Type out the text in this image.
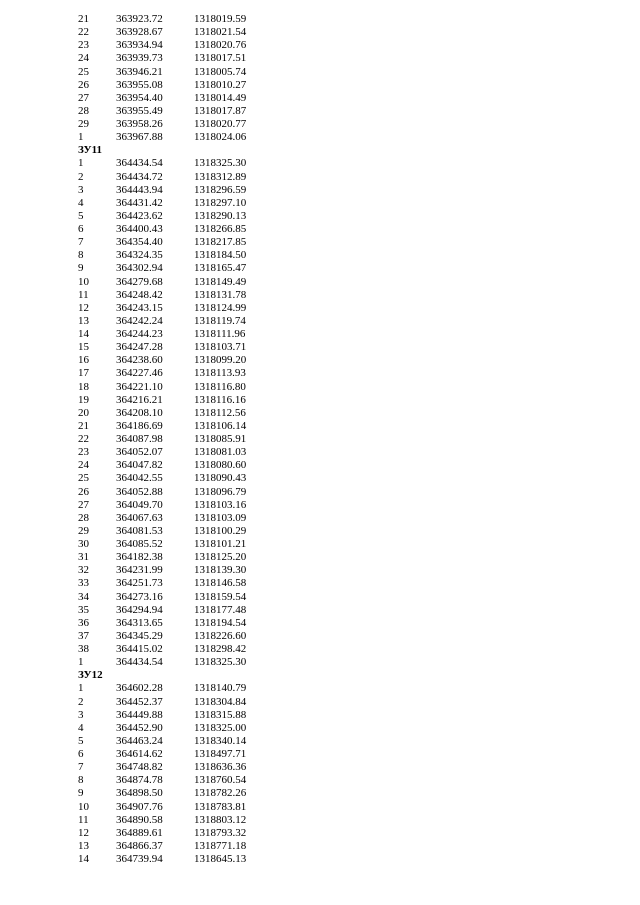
21 363923.72	1318019.59
22 363928.67	1318021.54
23 363934.94	1318020.76
24 363939.73	1318017.51
25 363946.21	1318005.74
26 363955.08	1318010.27
27 363954.40	1318014.49
28 363955.49	1318017.87
29 363958.26	1318020.77
1	363967.88	1318024.06
ЗУ11
1	364434.54	1318325.30
2	364434.72	1318312.89
3	364443.94	1318296.59
4	364431.42	1318297.10
5	364423.62	1318290.13
6	364400.43	1318266.85
7	364354.40	1318217.85
8	364324.35	1318184.50
9	364302.94	1318165.47
10 364279.68	1318149.49
11 364248.42	1318131.78
12 364243.15	1318124.99
13 364242.24	1318119.74
14 364244.23	1318111.96
15 364247.28	1318103.71
16 364238.60	1318099.20
17 364227.46	1318113.93
18 364221.10	1318116.80
19 364216.21	1318116.16
20 364208.10	1318112.56
21 364186.69	1318106.14
22 364087.98	1318085.91
23 364052.07	1318081.03
24 364047.82	1318080.60
25 364042.55	1318090.43
26 364052.88	1318096.79
27 364049.70	1318103.16
28 364067.63	1318103.09
29 364081.53	1318100.29
30 364085.52	1318101.21
31 364182.38	1318125.20
32 364231.99	1318139.30
33 364251.73	1318146.58
34 364273.16	1318159.54
35 364294.94	1318177.48
36 364313.65	1318194.54
37 364345.29	1318226.60
38 364415.02	1318298.42
1	364434.54	1318325.30
ЗУ12
1	364602.28	1318140.79
2	364452.37	1318304.84
3	364449.88	1318315.88
4	364452.90	1318325.00
5	364463.24	1318340.14
6	364614.62	1318497.71
7	364748.82	1318636.36
8	364874.78	1318760.54
9	364898.50	1318782.26
10 364907.76	1318783.81
11 364890.58	1318803.12
12 364889.61	1318793.32
13 364866.37	1318771.18
14 364739.94	1318645.13
